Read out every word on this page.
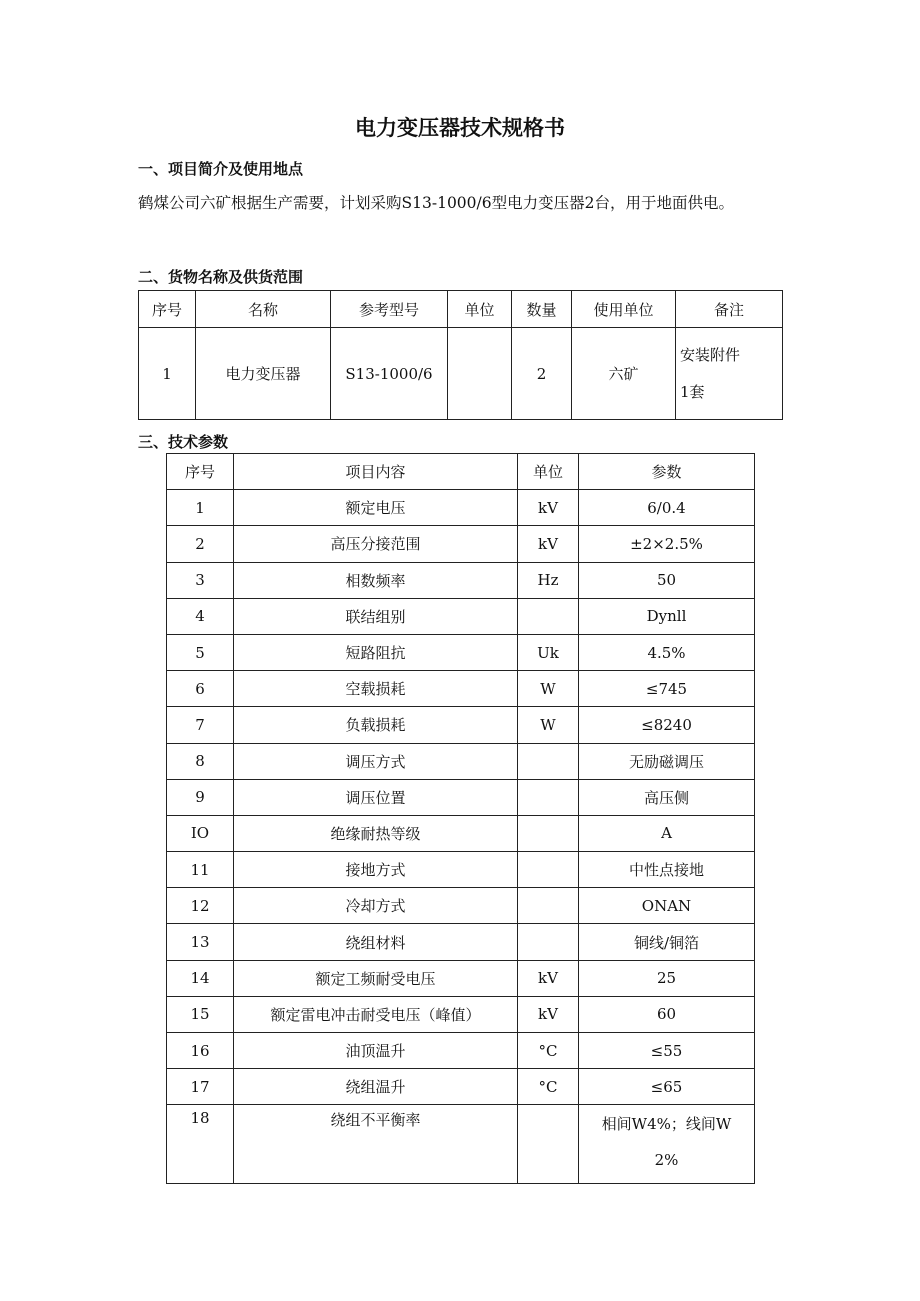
电力变压器技术规格书
一、项目简介及使用地点
鹤煤公司六矿根据生产需要，计划采购S13-1000/6型电力变压器2台，用于地面供电。
二、货物名称及供货范围
序号	名称	参考型号	单位	数量	使用单位	备注
1	电力变压器	S13-1000/6		2	六矿	安装附件
1套
三、技术参数
序号	项目内容	单位	参数
1	额定电压	kV	6/0.4
2	高压分接范围	kV	±2×2.5%
3	相数频率	Hz	50
4	联结组别		Dynll
5	短路阻抗	Uk	4.5%
6	空载损耗	W	≤745
7	负载损耗	W	≤8240
8	调压方式		无励磁调压
9	调压位置		高压侧
IO	绝缘耐热等级		A
11	接地方式		中性点接地
12	冷却方式		ONAN
13	绕组材料		铜线/铜箔
14	额定工频耐受电压	kV	25
15	额定雷电冲击耐受电压（峰值）	kV	60
16	油顶温升	°C	≤55
17	绕组温升	°C	≤65
18	绕组不平衡率		相间W4%；线间W
2%
